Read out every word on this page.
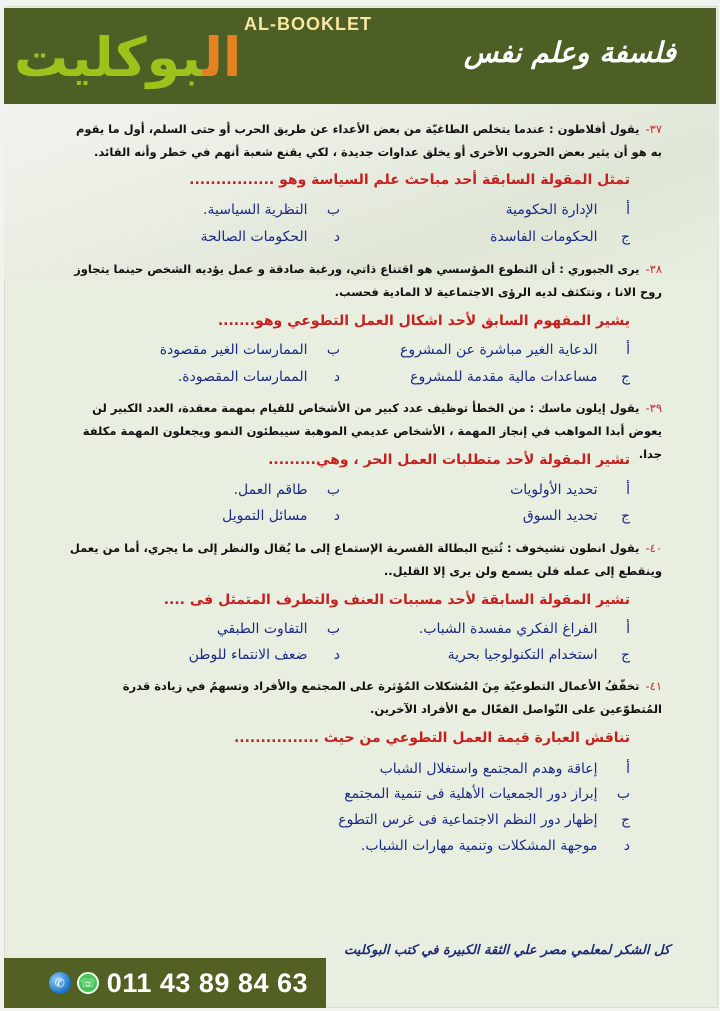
AL-BOOKLET
البوكليت	فلسفة وعلم نفس
٣٧-يقول أفلاطون : عندما يتخلص الطاغيّة من بعض الأعداء عن طريق الحرب أو حتى السلم، أول ما يقوم به هو أن يثير بعض الحروب الأخرى أو يخلق عداوات جديدة ، لكي يقنع شعبة أنهم في خطر وأنه القائد.
تمثل المقولة السابقة أحد مباحث علم السياسة وهو ................
أ الإدارة الحكومية
ب النظرية السياسية.
ج الحكومات الفاسدة
د الحكومات الصالحة
٣٨-يرى الجبوري : أن التطوع المؤسسي هو اقتناع ذاتي، ورغبة صادقة و عمل يؤديه الشخص حينما يتجاوز روح الانا ، وتتكثف لديه الرؤى الاجتماعية لا المادية فحسب.
يشير المفهوم السابق لأحد اشكال العمل التطوعي وهو.......
أ الدعاية الغير مباشرة عن المشروع
ب الممارسات الغير مقصودة
ج مساعدات مالية مقدمة للمشروع
د الممارسات المقصودة.
٣٩-يقول إيلون ماسك : من الخطأ توظيف عدد كبير من الأشخاص للقيام بمهمة معقدة، العدد الكبير لن يعوض أبدا المواهب في إنجاز المهمة ، الأشخاص عديمي الموهبة سيبطئون النمو ويجعلون المهمة مكلفة جدا.
تشير المقولة لأحد متطلبات العمل الحر ، وهي.........
أ تحديد الأولويات
ب طاقم العمل.
ج تحديد السوق
د مسائل التمويل
٤٠-يقول انطون تشيخوف : تُتيح البطالة القسرية الإستماع إلى ما يُقال والنظر إلى ما يجري، أما من يعمل وينقطع إلى عمله فلن يسمع ولن يرى إلا القليل..
تشير المقولة السابقة لأحد مسببات العنف والتطرف المتمثل فى ....
أ الفراغ الفكري مفسدة الشباب.
ب التفاوت الطبقي
ج استخدام التكنولوجيا بحرية
د ضعف الانتماء للوطن
٤١-تخفّفُ الأعمال التطوعيّة مِنَ المُشكلات المُؤثرة على المجتمع والأفراد وتسهمُ في زيادة قدرة المُتطوّعين على التّواصل الفعّال مع الأفراد الآخرين.
تناقش العبارة قيمة العمل التطوعي من حيث ................
أ إعاقة وهدم المجتمع واستغلال الشباب
ب إبراز دور الجمعيات الأهلية فى تنمية المجتمع
ج إظهار دور النظم الاجتماعية فى غرس التطوع
د موجهة المشكلات وتنمية مهارات الشباب.
كل الشكر لمعلمي مصر علي الثقة الكبيرة في كتب البوكليت
✆	☏ 011 43 89 84 63
